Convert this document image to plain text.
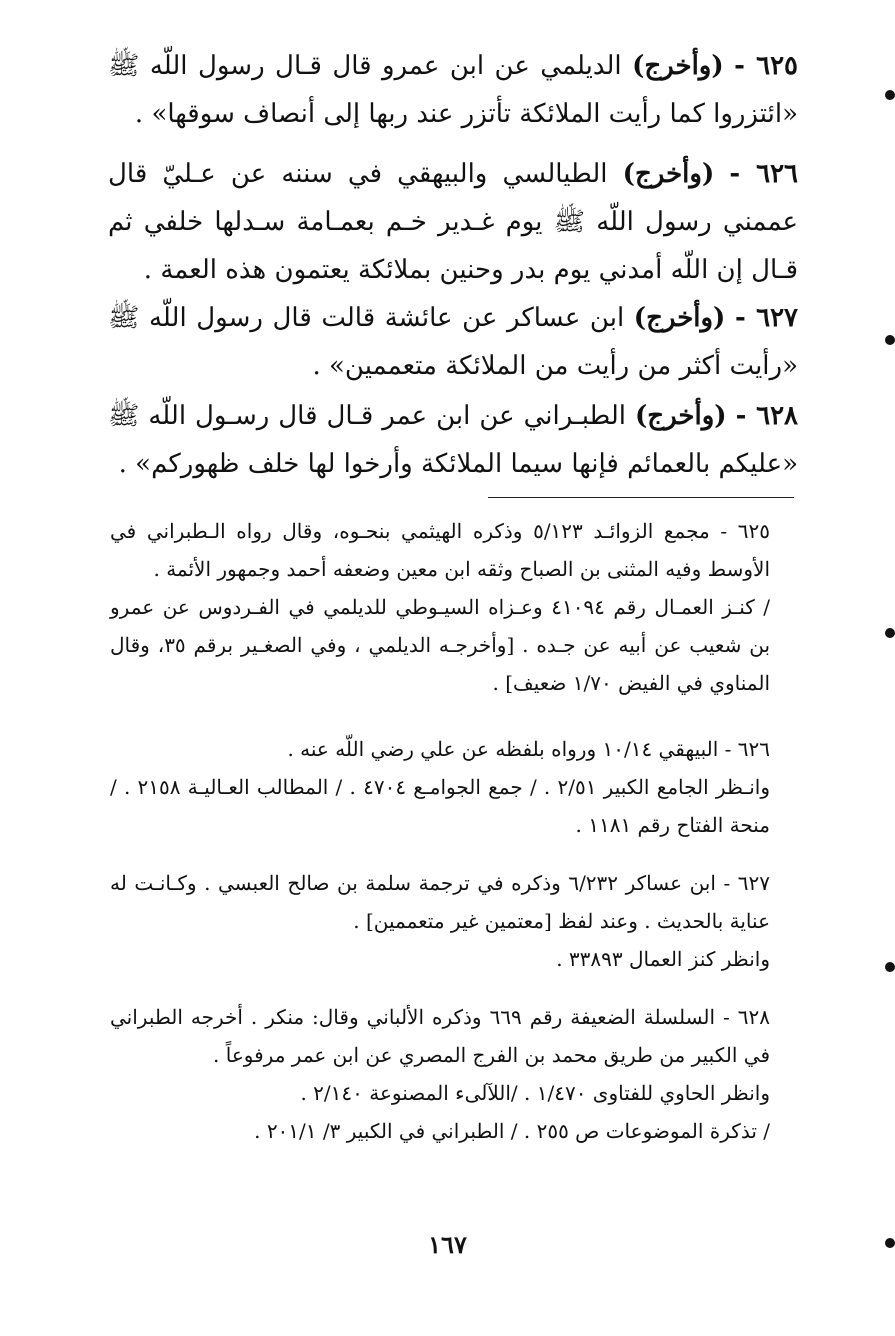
٦٢٥ - (وأخرج) الديلمي عن ابن عمرو قال قـال رسول اللّه ﷺ «ائتزروا كما رأيت الملائكة تأتزر عند ربها إلى أنصاف سوقها» .
٦٢٦ - (وأخرج) الطيالسي والبيهقي في سننه عن عـليّ قال عممني رسول اللّه ﷺ يوم غـدير خـم بعمـامة سـدلها خلفي ثم قـال إن اللّه أمدني يوم بدر وحنين بملائكة يعتمون هذه العمة .
٦٢٧ - (وأخرج) ابن عساكر عن عائشة قالت قال رسول اللّه ﷺ «رأيت أكثر من رأيت من الملائكة متعممين» .
٦٢٨ - (وأخرج) الطبـراني عن ابن عمر قـال قال رسـول اللّه ﷺ «عليكم بالعمائم فإنها سيما الملائكة وأرخوا لها خلف ظهوركم» .

٦٢٥ - مجمع الزوائـد ٥/١٢٣ وذكره الهيثمي بنحـوه، وقال رواه الـطبراني في الأوسط وفيه المثنى بن الصباح وثقه ابن معين وضعفه أحمد وجمهور الأئمة .

/ كنـز العمـال رقم ٤١٠٩٤ وعـزاه السيـوطي للديلمي في الفـردوس عن عمرو بن شعيب عن أبيه عن جـده . [وأخرجـه الديلمي ، وفي الصغـير برقم ٣٥، وقال المناوي في الفيض ١/٧٠ ضعيف] .

٦٢٦ - البيهقي ١٠/١٤ ورواه بلفظه عن علي رضي اللّه عنه .

وانـظر الجامع الكبير ٢/٥١ . / جمع الجوامـع ٤٧٠٤ . / المطالب العـاليـة ٢١٥٨ . / منحة الفتاح رقم ١١٨١ .

٦٢٧ - ابن عساكر ٦/٢٣٢ وذكره في ترجمة سلمة بن صالح العبسي . وكـانـت له عناية بالحديث . وعند لفظ [معتمين غير متعممين] .

وانظر كنز العمال ٣٣٨٩٣ .

٦٢٨ - السلسلة الضعيفة رقم ٦٦٩ وذكره الألباني وقال: منكر . أخرجه الطبراني في الكبير من طريق محمد بن الفرج المصري عن ابن عمر مرفوعاً .

وانظر الحاوي للفتاوى ١/٤٧٠ . /اللآلىء المصنوعة ٢/١٤٠ .

/ تذكرة الموضوعات ص ٢٥٥ . / الطبراني في الكبير ٣/ ٢٠١/١ .

١٦٧
